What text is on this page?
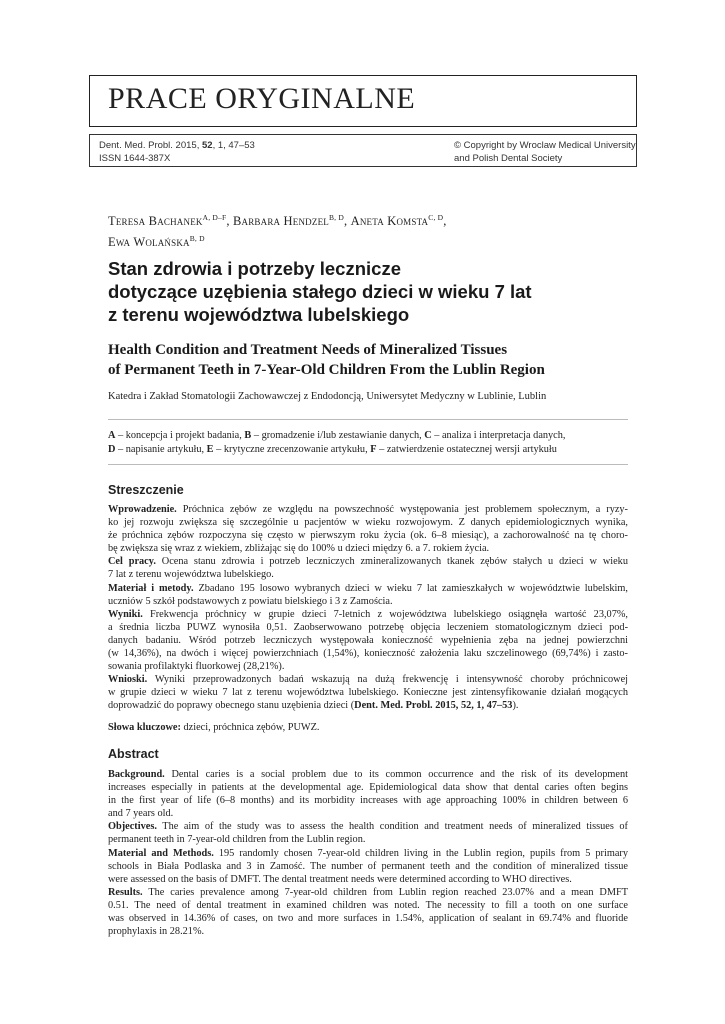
PRACE ORYGINALNE
Dent. Med. Probl. 2015, 52, 1, 47–53
ISSN 1644-387X
© Copyright by Wroclaw Medical University
and Polish Dental Society
Teresa Bachanek$^{A, D-F}$, Barbara Hendzel$^{B, D}$, Aneta Komsta$^{C, D}$,
Ewa Wolańska$^{B, D}$
Stan zdrowia i potrzeby lecznicze
dotyczące uzębienia stałego dzieci w wieku 7 lat
z terenu województwa lubelskiego
Health Condition and Treatment Needs of Mineralized Tissues
of Permanent Teeth in 7-Year-Old Children From the Lublin Region
Katedra i Zakład Stomatologii Zachowawczej z Endodoncją, Uniwersytet Medyczny w Lublinie, Lublin
A – koncepcja i projekt badania, B – gromadzenie i/lub zestawianie danych, C – analiza i interpretacja danych,
D – napisanie artykułu, E – krytyczne zrecenzowanie artykułu, F – zatwierdzenie ostatecznej wersji artykułu
Streszczenie
Wprowadzenie. Próchnica zębów ze względu na powszechność występowania jest problemem społecznym, a ryzy-
ko jej rozwoju zwiększa się szczególnie u pacjentów w wieku rozwojowym. Z danych epidemiologicznych wynika,
że próchnica zębów rozpoczyna się często w pierwszym roku życia (ok. 6–8 miesiąc), a zachorowalność na tę choro-
bę zwiększa się wraz z wiekiem, zbliżając się do 100% u dzieci między 6. a 7. rokiem życia.
Cel pracy. Ocena stanu zdrowia i potrzeb leczniczych zmineralizowanych tkanek zębów stałych u dzieci w wieku
7 lat z terenu województwa lubelskiego.
Materiał i metody. Zbadano 195 losowo wybranych dzieci w wieku 7 lat zamieszkałych w województwie lubelskim,
uczniów 5 szkół podstawowych z powiatu bielskiego i 3 z Zamościa.
Wyniki. Frekwencja próchnicy w grupie dzieci 7-letnich z województwa lubelskiego osiągnęła wartość 23,07%,
a średnia liczba PUWZ wynosiła 0,51. Zaobserwowano potrzebę objęcia leczeniem stomatologicznym dzieci pod-
danych badaniu. Wśród potrzeb leczniczych występowała konieczność wypełnienia zęba na jednej powierzchni
(w 14,36%), na dwóch i więcej powierzchniach (1,54%), konieczność założenia laku szczelinowego (69,74%) i zasto-
sowania profilaktyki fluorkowej (28,21%).
Wnioski. Wyniki przeprowadzonych badań wskazują na dużą frekwencję i intensywność choroby próchnicowej
w grupie dzieci w wieku 7 lat z terenu województwa lubelskiego. Konieczne jest zintensyfikowanie działań mogących
doprowadzić do poprawy obecnego stanu uzębienia dzieci (Dent. Med. Probl. 2015, 52, 1, 47–53).
Słowa kluczowe: dzieci, próchnica zębów, PUWZ.
Abstract
Background. Dental caries is a social problem due to its common occurrence and the risk of its development
increases especially in patients at the developmental age. Epidemiological data show that dental caries often begins
in the first year of life (6–8 months) and its morbidity increases with age approaching 100% in children between 6
and 7 years old.
Objectives. The aim of the study was to assess the health condition and treatment needs of mineralized tissues of
permanent teeth in 7-year-old children from the Lublin region.
Material and Methods. 195 randomly chosen 7-year-old children living in the Lublin region, pupils from 5 primary
schools in Biała Podlaska and 3 in Zamość. The number of permanent teeth and the condition of mineralized tissue
were assessed on the basis of DMFT. The dental treatment needs were determined according to WHO directives.
Results. The caries prevalence among 7-year-old children from Lublin region reached 23.07% and a mean DMFT
0.51. The need of dental treatment in examined children was noted. The necessity to fill a tooth on one surface
was observed in 14.36% of cases, on two and more surfaces in 1.54%, application of sealant in 69.74% and fluoride
prophylaxis in 28.21%.
